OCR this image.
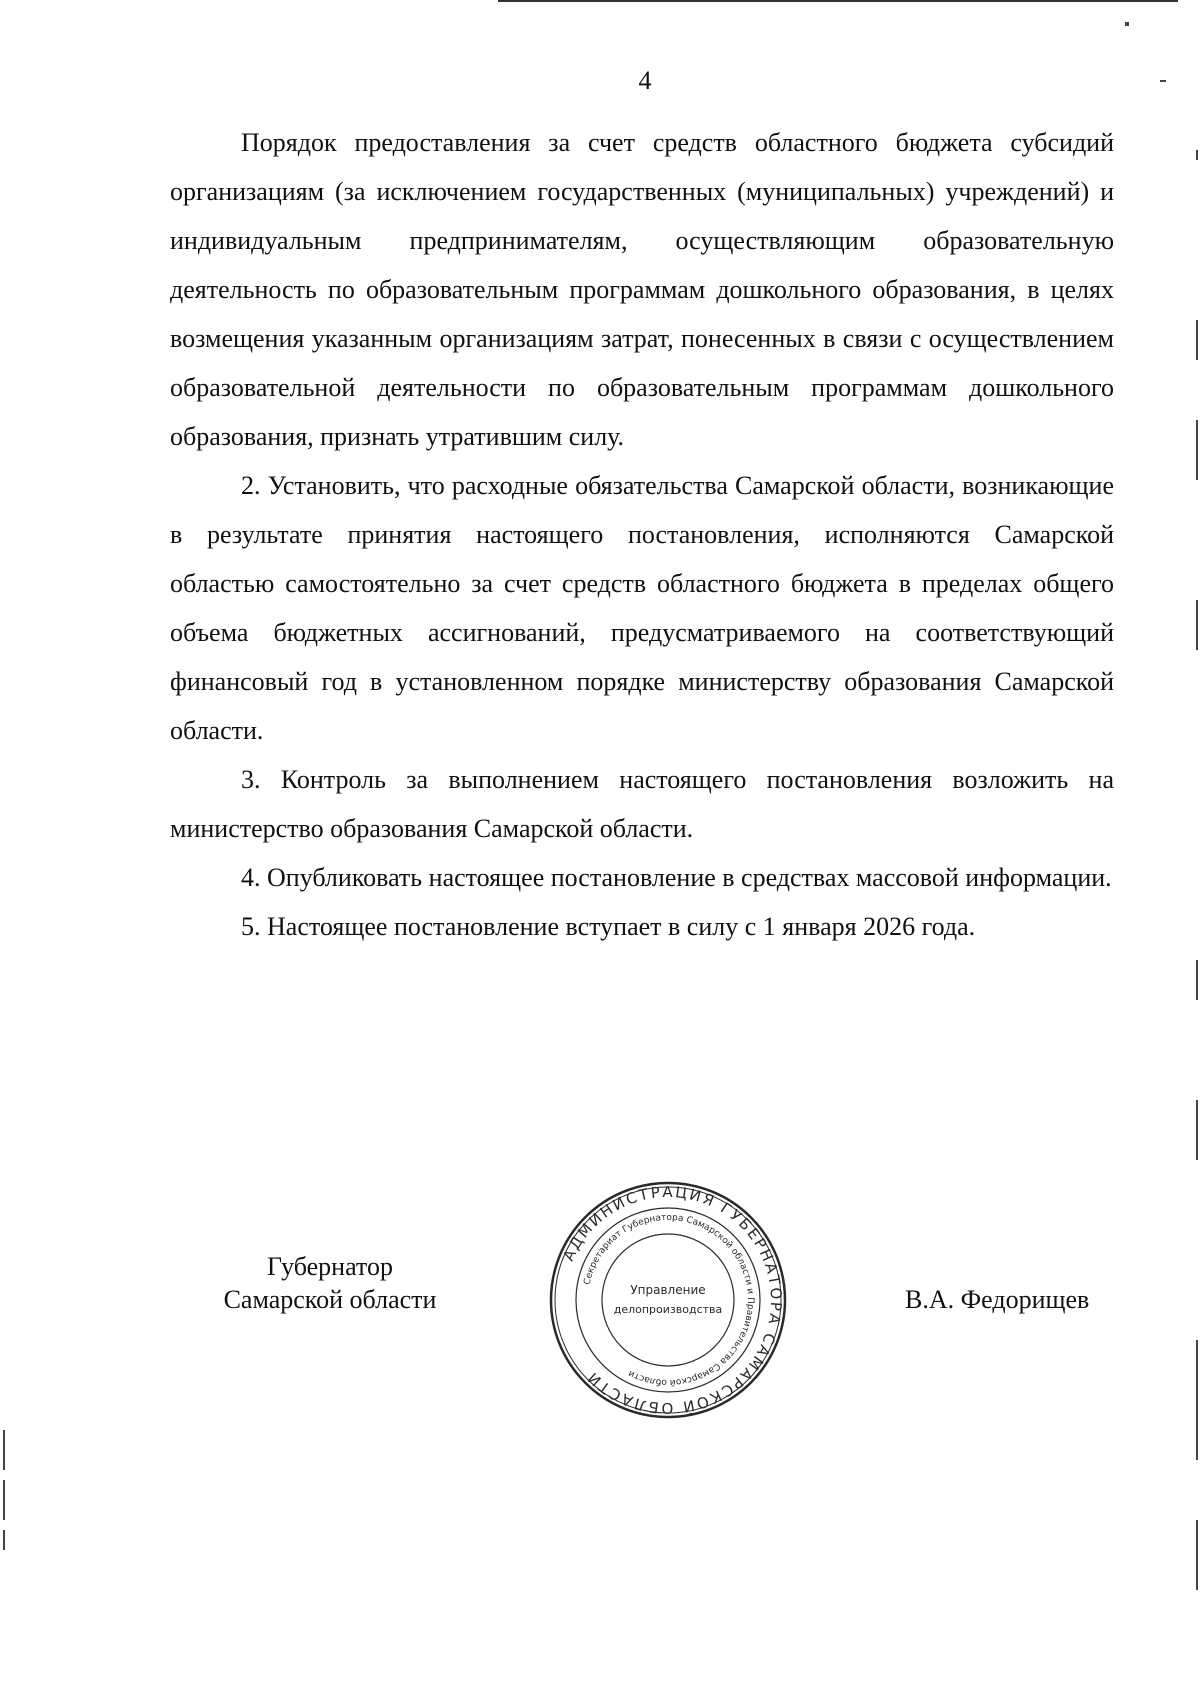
4

Порядок предоставления за счет средств областного бюджета субсидий организациям (за исключением государственных (муниципальных) учреждений) и индивидуальным предпринимателям, осуществляющим образовательную деятельность по образовательным программам дошкольного образования, в целях возмещения указанным организациям затрат, понесенных в связи с осуществлением образовательной деятельности по образовательным программам дошкольного образования, признать утратившим силу.

2. Установить, что расходные обязательства Самарской области, возникающие в результате принятия настоящего постановления, исполняются Самарской областью самостоятельно за счет средств областного бюджета в пределах общего объема бюджетных ассигнований, предусматриваемого на соответствующий финансовый год в установленном порядке министерству образования Самарской области.

3. Контроль за выполнением настоящего постановления возложить на министерство образования Самарской области.

4. Опубликовать настоящее постановление в средствах массовой информации.

5. Настоящее постановление вступает в силу с 1 января 2026 года.

Губернатор
Самарской области
АДМИНИСТРАЦИЯ ГУБЕРНАТОРА САМАРСКОЙ ОБЛАСТИ
Секретариат Губернатора Самарской области и Правительства Самарской области
Управление
делопроизводства	В.А. Федорищев
